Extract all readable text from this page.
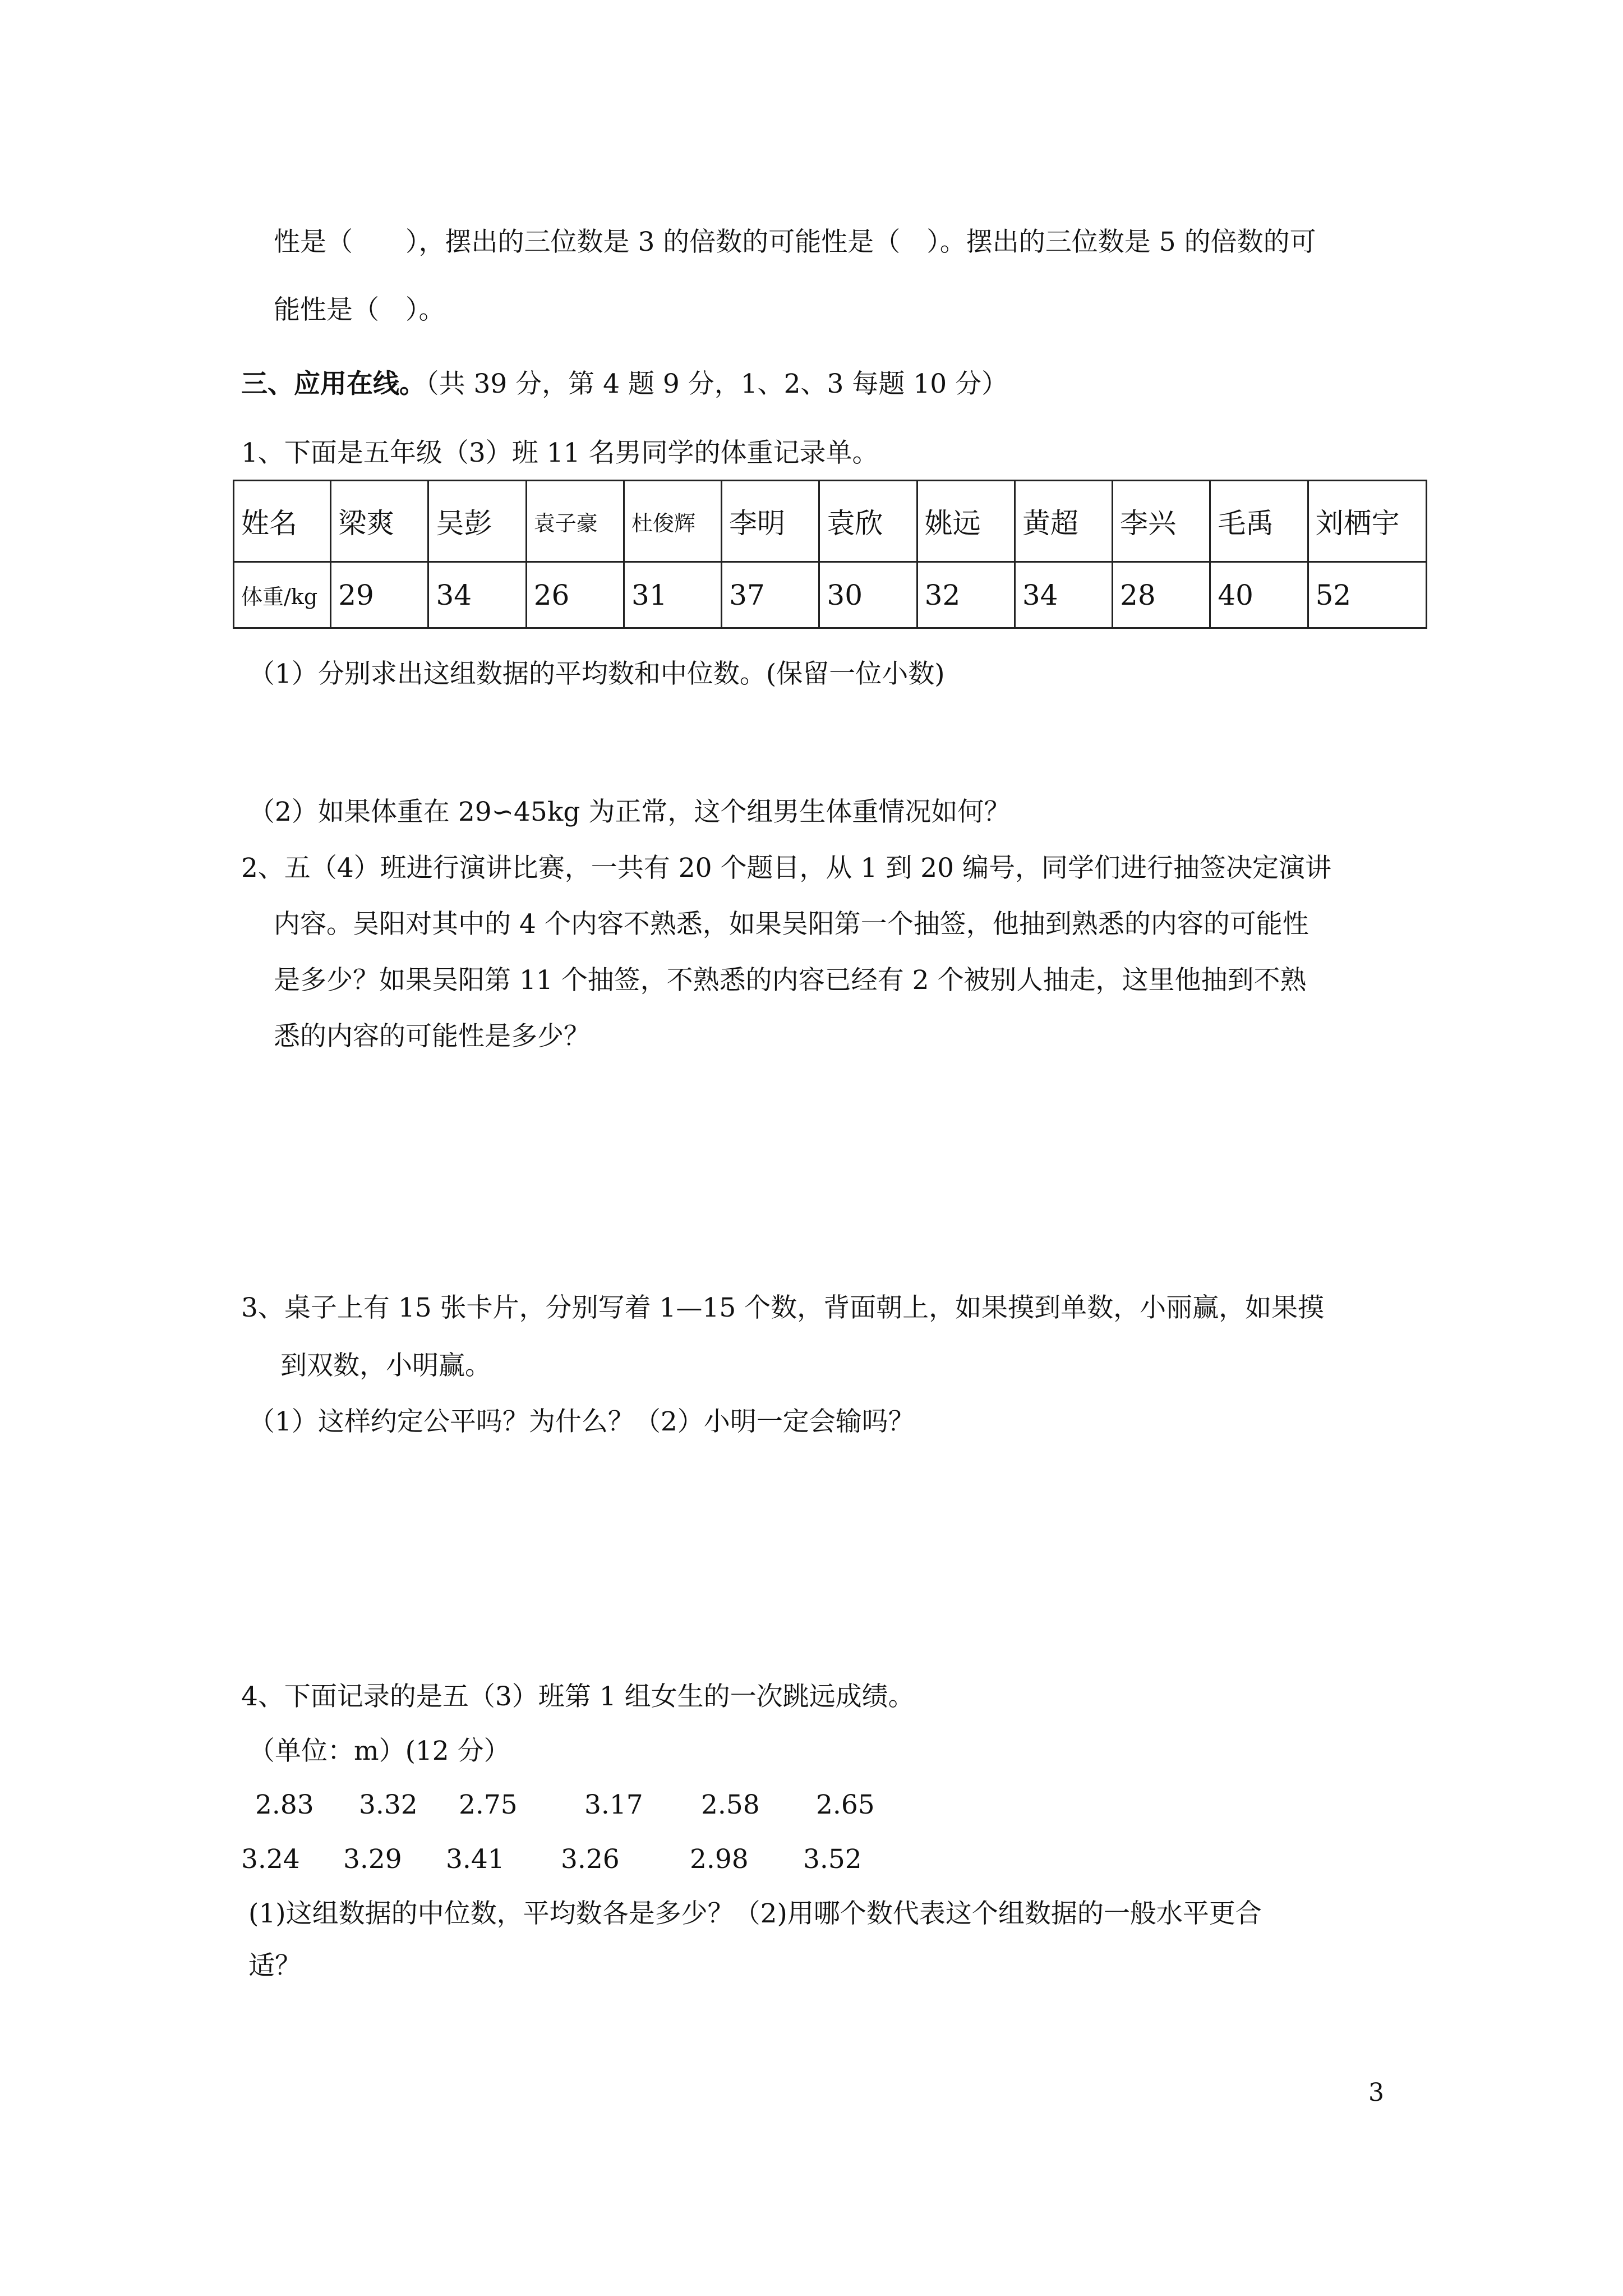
性是（　　），摆出的三位数是 3 的倍数的可能性是（　）。摆出的三位数是 5 的倍数的可
能性是（　）。
三、应用在线。（共 39 分，第 4 题 9 分，1、2、3 每题 10 分）
1、下面是五年级（3）班 11 名男同学的体重记录单。
姓名	梁爽	吴彭	袁子豪	杜俊辉	李明	袁欣	姚远	黄超	李兴	毛禹	刘栖宇
体重/kg	29	34	26	31	37	30	32	34	28	40	52
（1）分别求出这组数据的平均数和中位数。(保留一位小数)
（2）如果体重在 29∽45kg 为正常，这个组男生体重情况如何？
2、五（4）班进行演讲比赛，一共有 20 个题目，从 1 到 20 编号，同学们进行抽签决定演讲
内容。吴阳对其中的 4 个内容不熟悉，如果吴阳第一个抽签，他抽到熟悉的内容的可能性
是多少？如果吴阳第 11 个抽签，不熟悉的内容已经有 2 个被别人抽走，这里他抽到不熟
悉的内容的可能性是多少？
3、桌子上有 15 张卡片，分别写着 1—15 个数，背面朝上，如果摸到单数，小丽赢，如果摸
到双数，小明赢。
（1）这样约定公平吗？为什么？（2）小明一定会输吗？
4、下面记录的是五（3）班第 1 组女生的一次跳远成绩。
（单位：m）(12 分）
2.83 3.32 2.75	3.17 2.58 2.65
3.24 3.29 3.41 3.26	2.98 3.52
(1)这组数据的中位数，平均数各是多少？（2)用哪个数代表这个组数据的一般水平更合
适？
3
